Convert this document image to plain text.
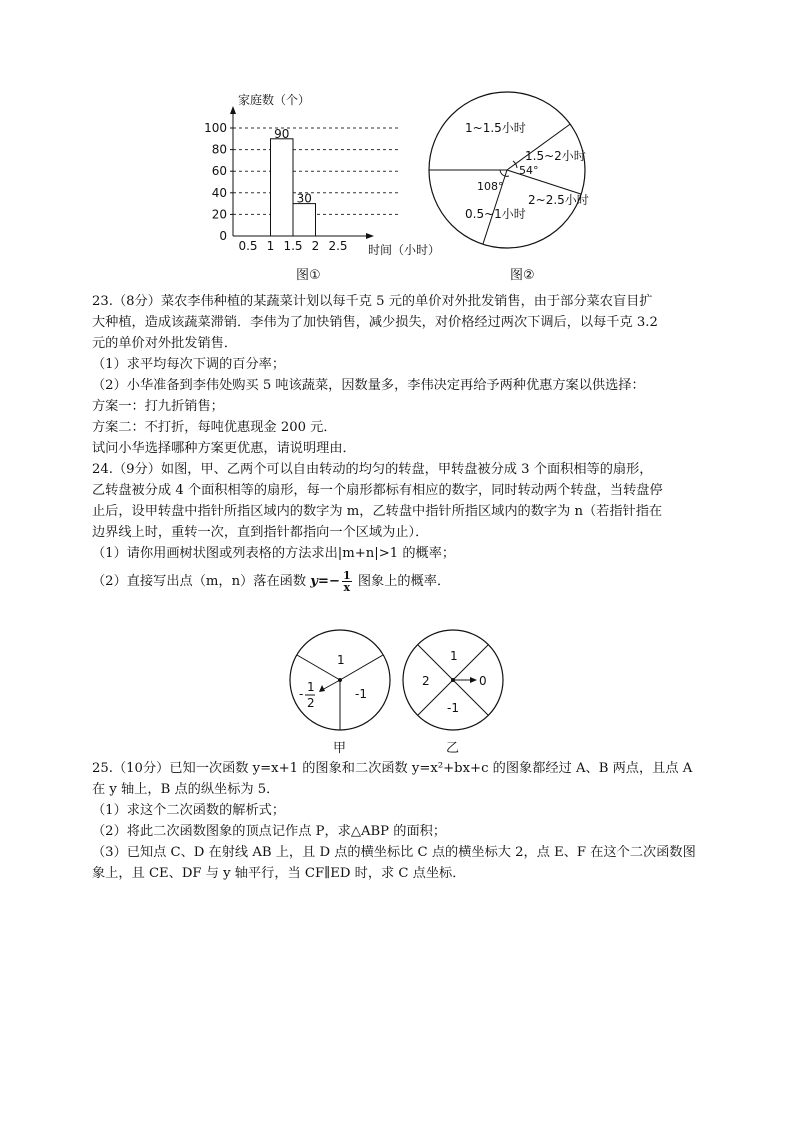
家庭数（个）
90
30
0
20
40
60
80
100
0.5 1 1.5 2 2.5 时间（小时）
图①
1~1.5小时
1.5~2小时
54°
108°
2~2.5小时
0.5~1小时
图②

23.（8分）菜农李伟种植的某蔬菜计划以每千克 5 元的单价对外批发销售，由于部分菜农盲目扩

大种植，造成该蔬菜滞销．李伟为了加快销售，减少损失，对价格经过两次下调后，以每千克 3.2

元的单价对外批发销售．

（1）求平均每次下调的百分率；

（2）小华准备到李伟处购买 5 吨该蔬菜，因数量多，李伟决定再给予两种优惠方案以供选择：

方案一：打九折销售；

方案二：不打折，每吨优惠现金 200 元．

试问小华选择哪种方案更优惠，请说明理由．

24.（9分）如图，甲、乙两个可以自由转动的均匀的转盘，甲转盘被分成 3 个面积相等的扇形，

乙转盘被分成 4 个面积相等的扇形，每一个扇形都标有相应的数字，同时转动两个转盘，当转盘停

止后，设甲转盘中指针所指区域内的数字为 m，乙转盘中指针所指区域内的数字为 n（若指针指在

边界线上时，重转一次，直到指针都指向一个区域为止）．

（1）请你用画树状图或列表格的方法求出|m+n|>1 的概率；

（2）直接写出点（m，n）落在函数 $y=- \frac{1}{x}$ 图象上的概率．

1
-1
- 1
2
1
0
-1
2
甲	乙

25.（10分）已知一次函数 y=x+1 的图象和二次函数 y=x²+bx+c 的图象都经过 A、B 两点，且点 A

在 y 轴上，B 点的纵坐标为 5．

（1）求这个二次函数的解析式；

（2）将此二次函数图象的顶点记作点 P，求△ABP 的面积；

（3）已知点 C、D 在射线 AB 上，且 D 点的横坐标比 C 点的横坐标大 2，点 E、F 在这个二次函数图

象上，且 CE、DF 与 y 轴平行，当 CF∥ED 时，求 C 点坐标．
